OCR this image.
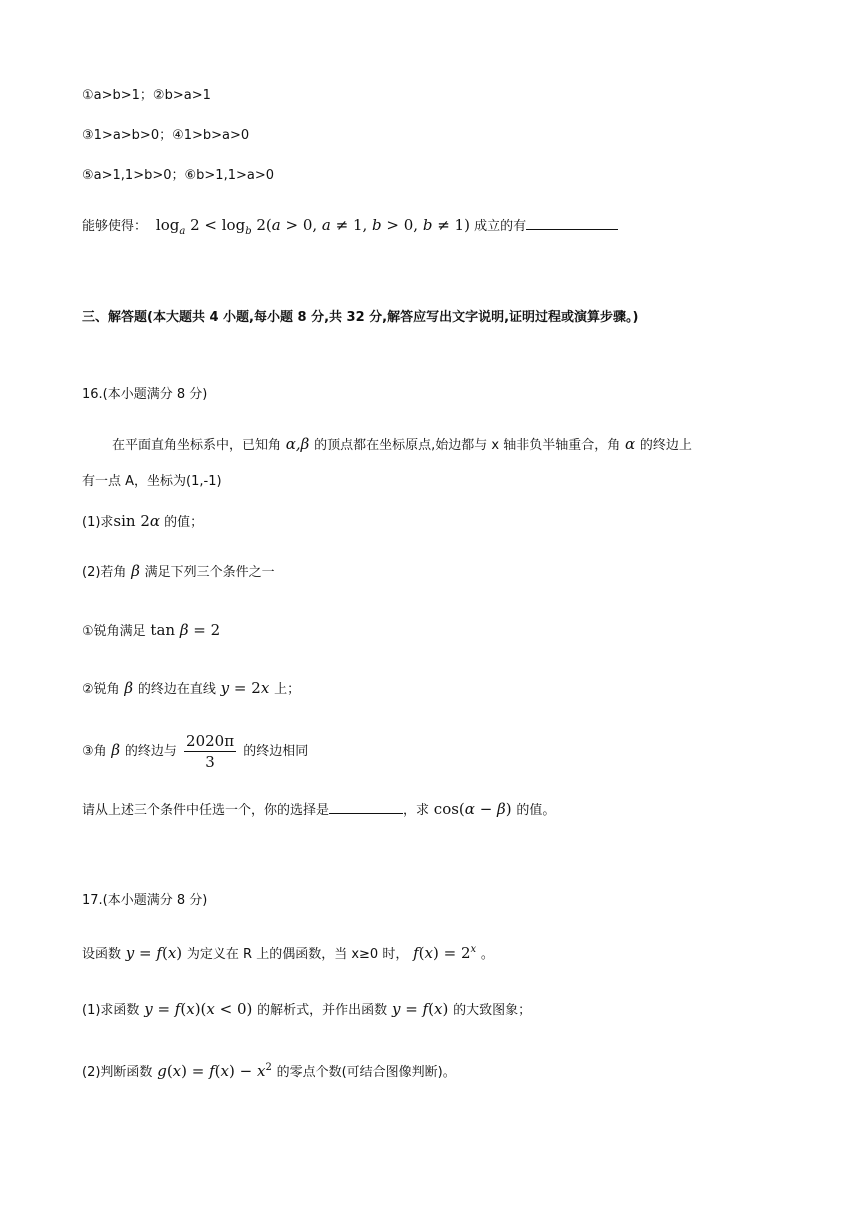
①a>b>1；②b>a>1
③1>a>b>0；④1>b>a>0
⑤a>1,1>b>0；⑥b>1,1>a>0
能够使得：  $\log_a 2 < \log_b 2(a > 0$, a ≠ 1, b > 0, b ≠ 1) 成立的有
三、解答题(本大题共 4 小题,每小题 8 分,共 32 分,解答应写出文字说明,证明过程或演算步骤。)
16.(本小题满分 8 分)
在平面直角坐标系中，已知角 α,β 的顶点都在坐标原点,始边都与 x 轴非负半轴重合，角 α 的终边上
有一点 A，坐标为(1,-1)
(1)求sin 2α 的值；
(2)若角 β 满足下列三个条件之一
①锐角满足 tan β = 2
②锐角 β 的终边在直线 y = 2x 上；
③角 β 的终边与 $\frac{2020\pi}{3}$ 的终边相同
请从上述三个条件中任选一个，你的选择是	，求 cos(α − β) 的值。
17.(本小题满分 8 分)
设函数 y = f(x) 为定义在 R 上的偶函数，当 x≥0 时， $f(x) = 2^x$ 。
(1)求函数 y = f(x)(x < 0) 的解析式，并作出函数 y = f(x) 的大致图象；
(2)判断函数 $g(x) = f(x) - x^2$ 的零点个数(可结合图像判断)。
